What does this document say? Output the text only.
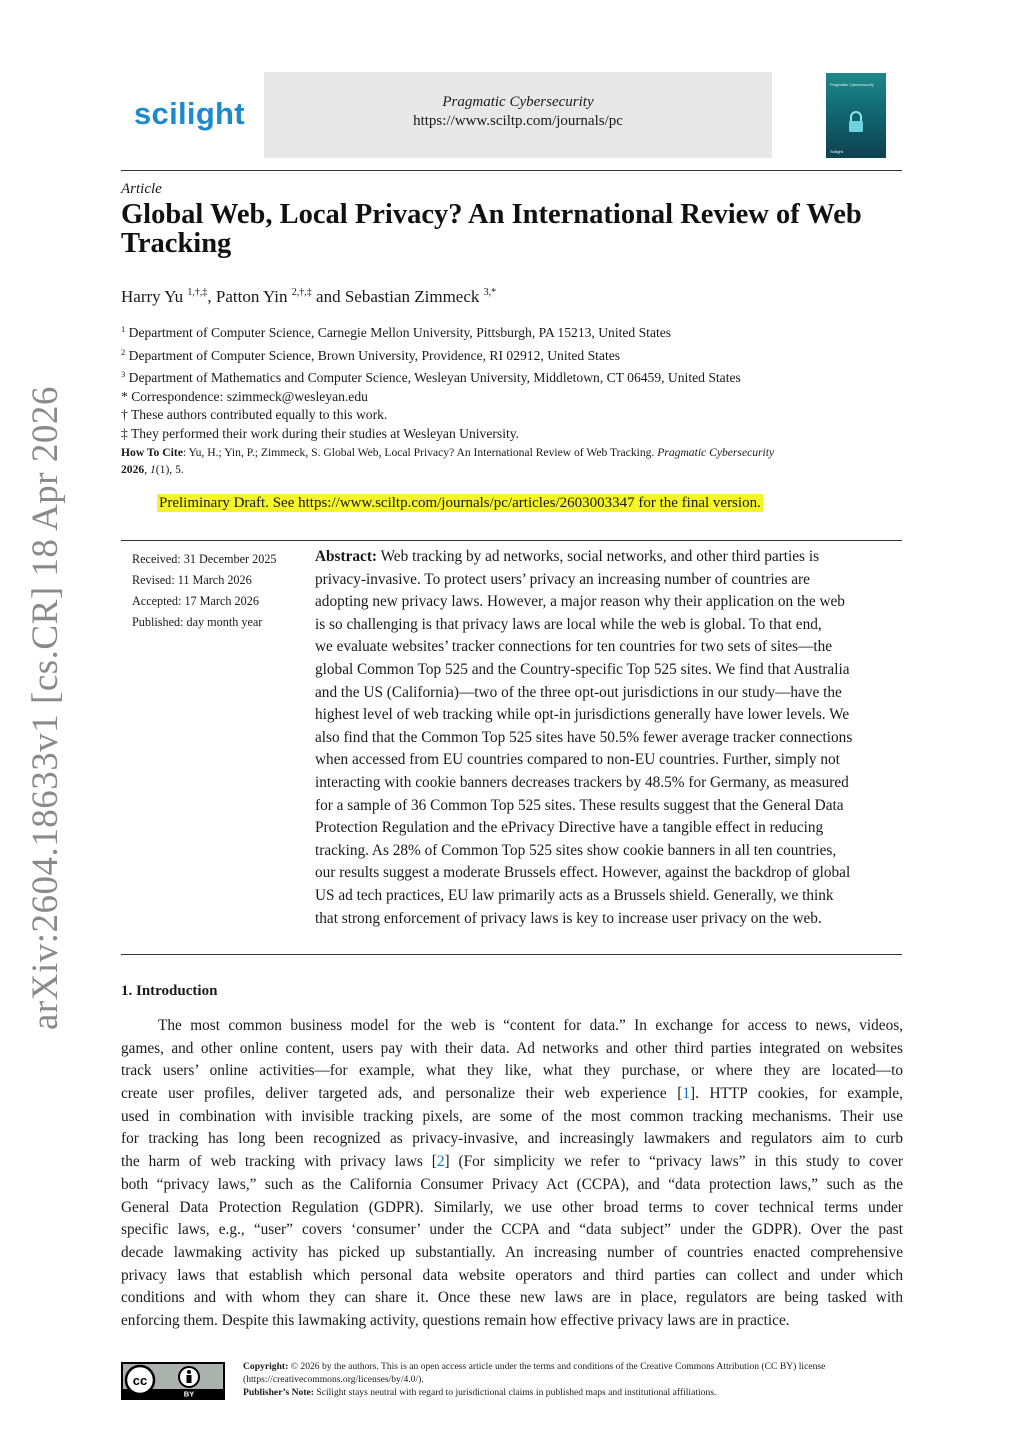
arXiv:2604.18633v1 [cs.CR] 18 Apr 2026
scilight	Pragmatic Cybersecurity
https://www.sciltp.com/journals/pc
Pragmatic Cybersecurity
Scilight
Article
Global Web, Local Privacy? An International Review of Web Tracking
Harry Yu $^{1,\dagger,\ddagger}$, Patton Yin $^{2,\dagger,\ddagger}$ and Sebastian Zimmeck $^{3,*}$
$^1$ Department of Computer Science, Carnegie Mellon University, Pittsburgh, PA 15213, United States
$^2$ Department of Computer Science, Brown University, Providence, RI 02912, United States
$^3$ Department of Mathematics and Computer Science, Wesleyan University, Middletown, CT 06459, United States
* Correspondence: szimmeck@wesleyan.edu
† These authors contributed equally to this work.
‡ They performed their work during their studies at Wesleyan University.
How To Cite: Yu, H.; Yin, P.; Zimmeck, S. Global Web, Local Privacy? An International Review of Web Tracking. Pragmatic Cybersecurity
2026, 1(1), 5.
Preliminary Draft. See https://www.sciltp.com/journals/pc/articles/2603003347 for the final version.
Received: 31 December 2025
Revised: 11 March 2026
Accepted: 17 March 2026
Published: day month year
Abstract: Web tracking by ad networks, social networks, and other third parties is
privacy-invasive. To protect users’ privacy an increasing number of countries are
adopting new privacy laws. However, a major reason why their application on the web
is so challenging is that privacy laws are local while the web is global. To that end,
we evaluate websites’ tracker connections for ten countries for two sets of sites—the
global Common Top 525 and the Country-specific Top 525 sites. We find that Australia
and the US (California)—two of the three opt-out jurisdictions in our study—have the
highest level of web tracking while opt-in jurisdictions generally have lower levels. We
also find that the Common Top 525 sites have 50.5% fewer average tracker connections
when accessed from EU countries compared to non-EU countries. Further, simply not
interacting with cookie banners decreases trackers by 48.5% for Germany, as measured
for a sample of 36 Common Top 525 sites. These results suggest that the General Data
Protection Regulation and the ePrivacy Directive have a tangible effect in reducing
tracking. As 28% of Common Top 525 sites show cookie banners in all ten countries,
our results suggest a moderate Brussels effect. However, against the backdrop of global
US ad tech practices, EU law primarily acts as a Brussels shield. Generally, we think
that strong enforcement of privacy laws is key to increase user privacy on the web.
1. Introduction
The most common business model for the web is “content for data.” In exchange for access to news, videos,
games, and other online content, users pay with their data. Ad networks and other third parties integrated on websites
track users’ online activities—for example, what they like, what they purchase, or where they are located—to
create user profiles, deliver targeted ads, and personalize their web experience [1]. HTTP cookies, for example,
used in combination with invisible tracking pixels, are some of the most common tracking mechanisms. Their use
for tracking has long been recognized as privacy-invasive, and increasingly lawmakers and regulators aim to curb
the harm of web tracking with privacy laws [2] (For simplicity we refer to “privacy laws” in this study to cover
both “privacy laws,” such as the California Consumer Privacy Act (CCPA), and “data protection laws,” such as the
General Data Protection Regulation (GDPR). Similarly, we use other broad terms to cover technical terms under
specific laws, e.g., “user” covers ‘consumer’ under the CCPA and “data subject” under the GDPR). Over the past
decade lawmaking activity has picked up substantially. An increasing number of countries enacted comprehensive
privacy laws that establish which personal data website operators and third parties can collect and under which
conditions and with whom they can share it. Once these new laws are in place, regulators are being tasked with
enforcing them. Despite this lawmaking activity, questions remain how effective privacy laws are in practice.
cc
BY
Copyright: © 2026 by the authors. This is an open access article under the terms and conditions of the Creative Commons Attribution (CC BY) license (https://creativecommons.org/licenses/by/4.0/).
Publisher’s Note: Scilight stays neutral with regard to jurisdictional claims in published maps and institutional affiliations.
